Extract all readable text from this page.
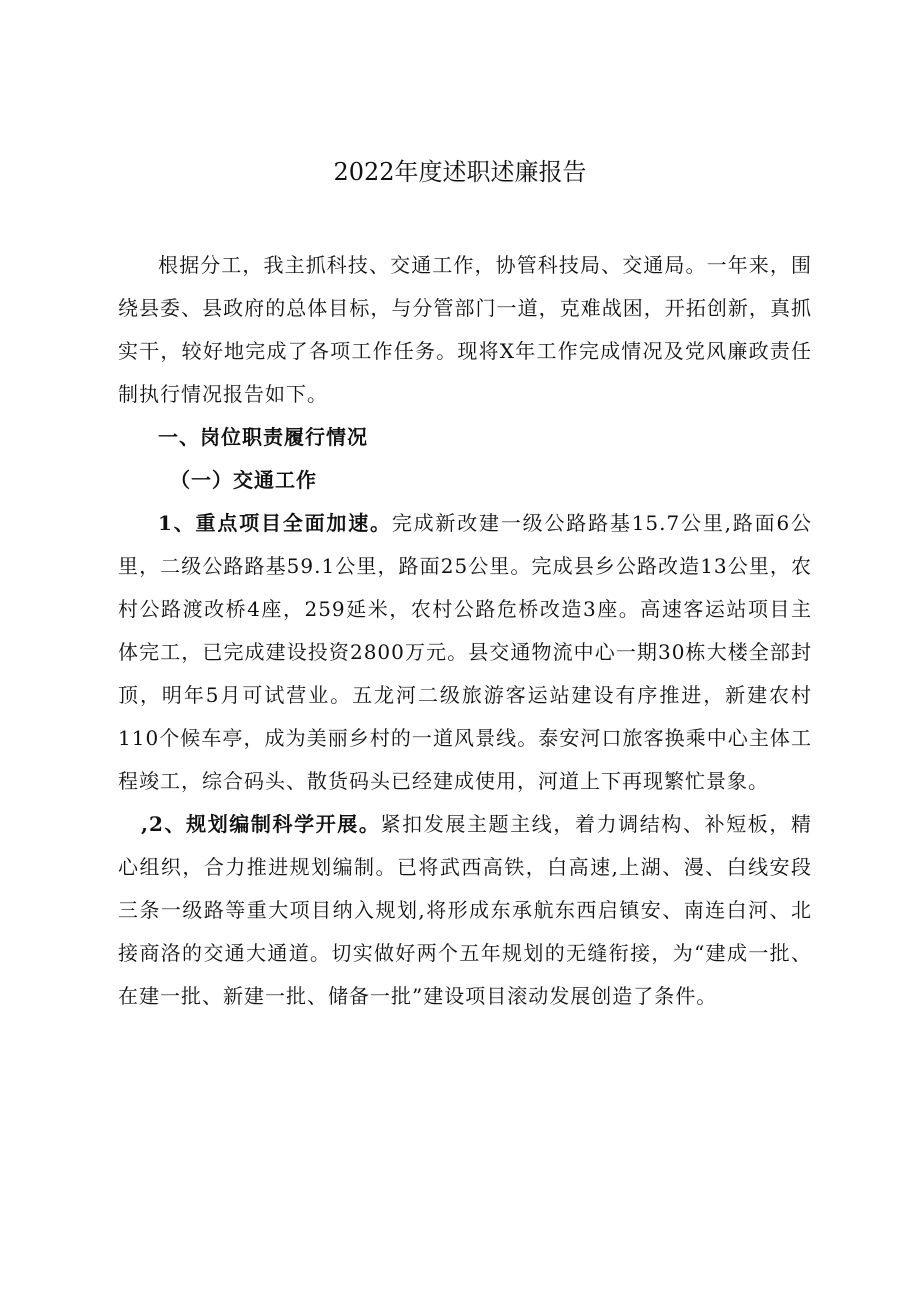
2022年度述职述廉报告

根据分工，我主抓科技、交通工作，协管科技局、交通局。一年来，围绕县委、县政府的总体目标，与分管部门一道，克难战困，开拓创新，真抓实干，较好地完成了各项工作任务。现将X年工作完成情况及党风廉政责任制执行情况报告如下。

一、岗位职责履行情况

（一）交通工作

1、重点项目全面加速。完成新改建一级公路路基15.7公里,路面6公里，二级公路路基59.1公里，路面25公里。完成县乡公路改造13公里，农村公路渡改桥4座，259延米，农村公路危桥改造3座。高速客运站项目主体完工，已完成建设投资2800万元。县交通物流中心一期30栋大楼全部封顶，明年5月可试营业。五龙河二级旅游客运站建设有序推进，新建农村110个候车亭，成为美丽乡村的一道风景线。泰安河口旅客换乘中心主体工程竣工，综合码头、散货码头已经建成使用，河道上下再现繁忙景象。

,2、规划编制科学开展。紧扣发展主题主线，着力调结构、补短板，精心组织，合力推进规划编制。已将武西高铁，白高速,上湖、漫、白线安段三条一级路等重大项目纳入规划,将形成东承航东西启镇安、南连白河、北接商洛的交通大通道。切实做好两个五年规划的无缝衔接，为“建成一批、在建一批、新建一批、储备一批”建设项目滚动发展创造了条件。
